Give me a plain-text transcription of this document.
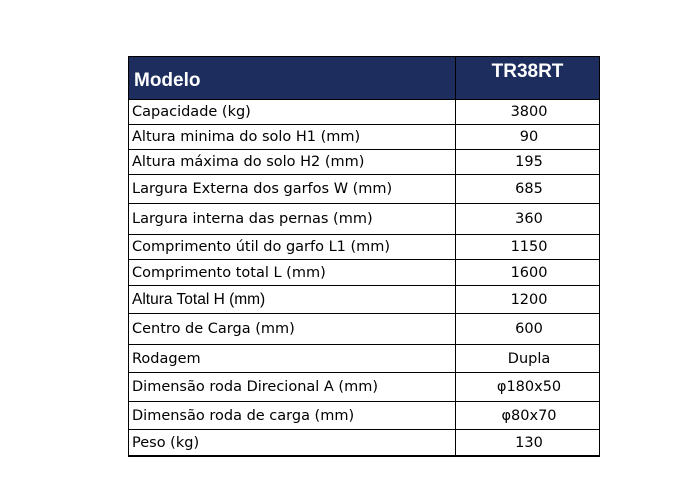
Modelo	TR38RT
Capacidade (kg)	3800
Altura minima do solo H1 (mm)	90
Altura máxima do solo H2 (mm)	195
Largura Externa dos garfos W (mm)	685
Largura interna das pernas (mm)	360
Comprimento útil do garfo L1 (mm)	1150
Comprimento total L (mm)	1600
Altura Total H (mm)	1200
Centro de Carga (mm)	600
Rodagem	Dupla
Dimensão roda Direcional A (mm)	φ180x50
Dimensão roda de carga (mm)	φ80x70
Peso (kg)	130
